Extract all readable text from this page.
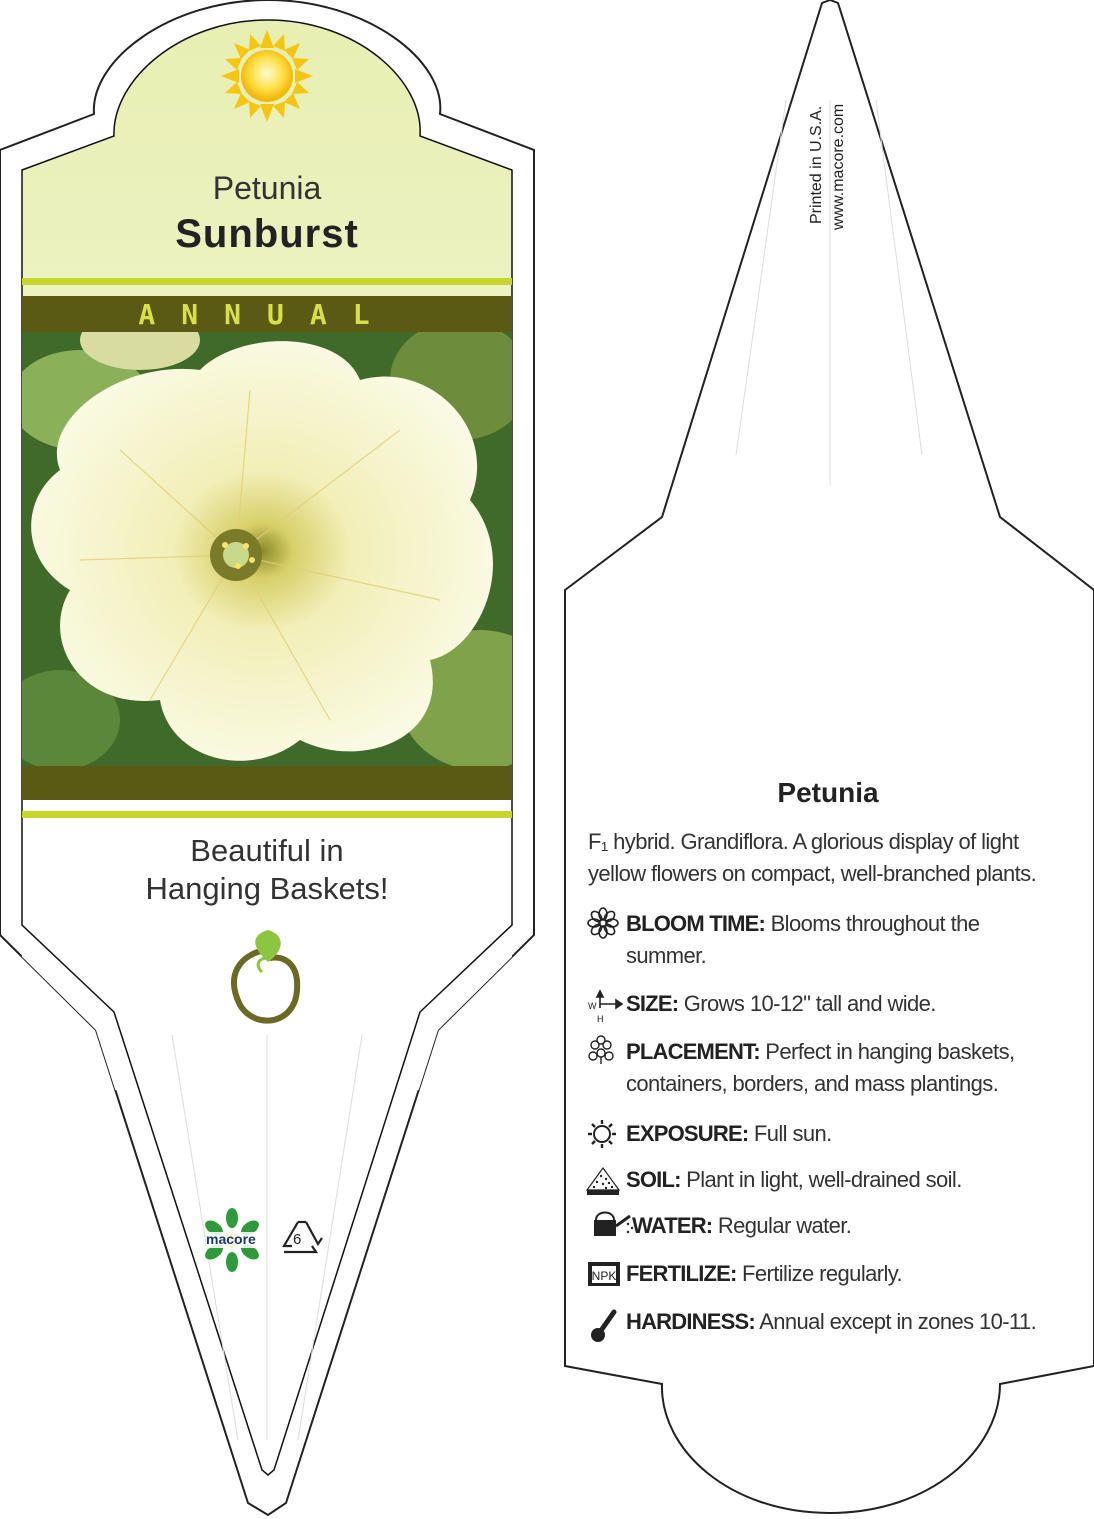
W
H
NPK
Petunia
Sunburst
ANNUAL
Beautiful in
Hanging Baskets!
macore 6
Printed in U.S.A. www.macore.com
Petunia
F₁ hybrid. Grandiflora. A glorious display of light yellow flowers on compact, well-branched plants.
BLOOM TIME: Blooms throughout the summer.
SIZE: Grows 10-12" tall and wide.
PLACEMENT: Perfect in hanging baskets, containers, borders, and mass plantings.
EXPOSURE: Full sun.
SOIL: Plant in light, well-drained soil.
WATER: Regular water.
FERTILIZE: Fertilize regularly.
HARDINESS: Annual except in zones 10-11.
